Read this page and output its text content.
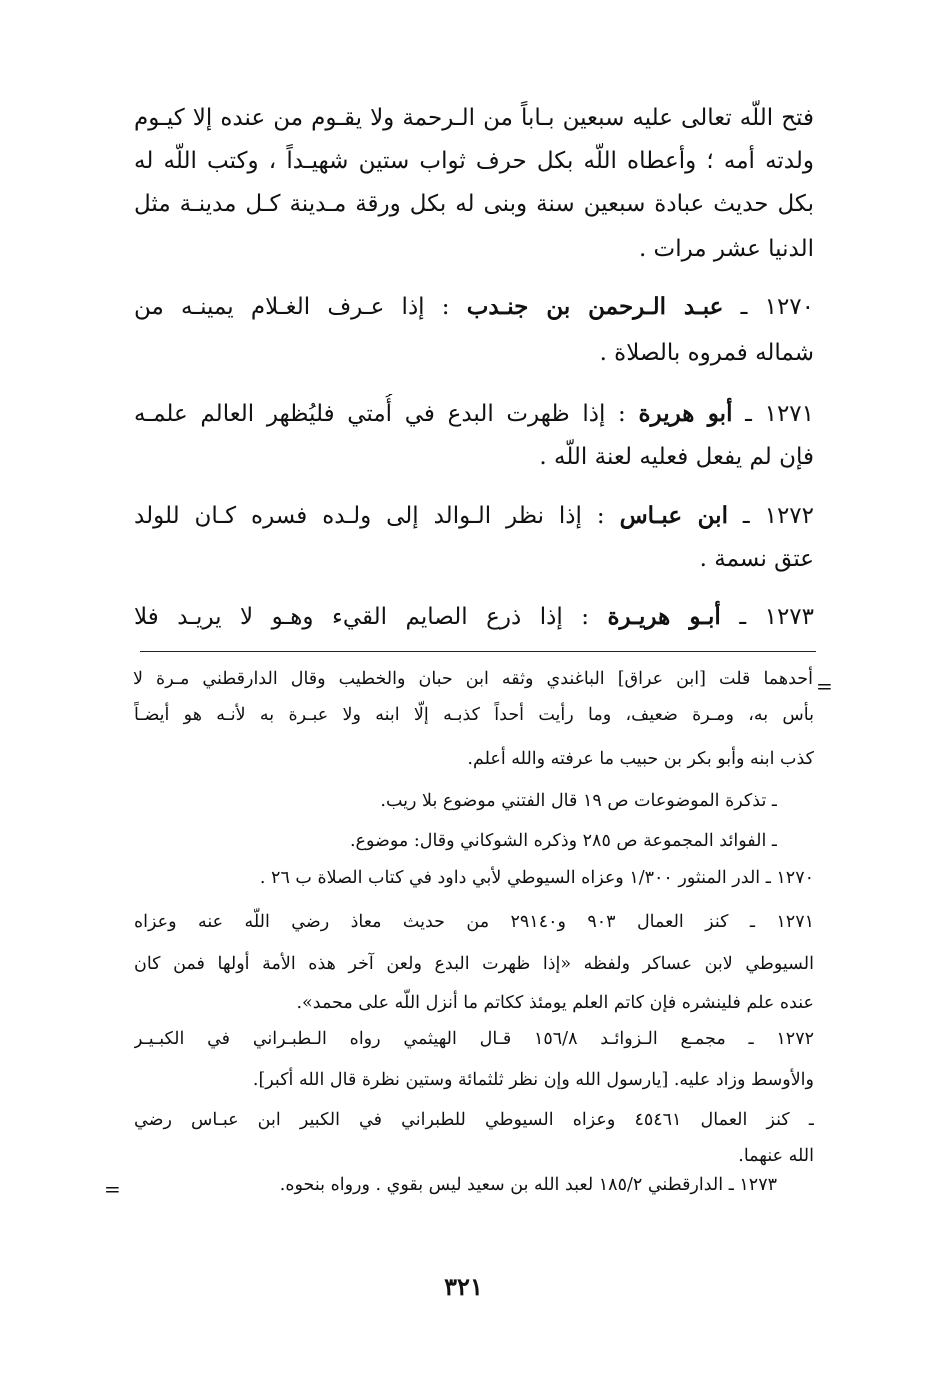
فتح اللّه تعالى عليه سبعين بـاباً من الـرحمة ولا يقـوم من عنده إلا كيـوم
ولدته أمه ؛ وأعطاه اللّه بكل حرف ثواب ستين شهيـداً ، وكتب اللّه له
بكل حديث عبادة سبعين سنة وبنى له بكل ورقة مـدينة كـل مدينـة مثل
الدنيا عشر مرات .
١٢٧٠ ـ عبـد الـرحمن بن جنـدب : إذا عـرف الغـلام يمينـه من
شماله فمروه بالصلاة .
١٢٧١ ـ أبو هريرة : إذا ظهرت البدع في أُمتي فليُظهر العالم علمـه
فإن لم يفعل فعليه لعنة اللّه .
١٢٧٢ ـ ابن عبـاس : إذا نظر الـوالد إلى ولـده فسره كـان للولد
عتق نسمة .
١٢٧٣ ـ أبـو هريـرة : إذا ذرع الصايم القيء وهـو لا يريـد فلا
=
أحدهما قلت [ابن عراق] الباغندي وثقه ابن حبان والخطيب وقال الدارقطني مـرة لا
بأس به، ومـرة ضعيف، وما رأيت أحداً كذبـه إلّا ابنه ولا عبـرة به لأنـه هو أيضـاً
كذب ابنه وأبو بكر بن حبيب ما عرفته والله أعلم.
ـ تذكرة الموضوعات ص ١٩ قال الفتني موضوع بلا ريب.
ـ الفوائد المجموعة ص ٢٨٥ وذكره الشوكاني وقال: موضوع.
١٢٧٠ ـ الدر المنثور ١/٣٠٠ وعزاه السيوطي لأبي داود في كتاب الصلاة ب ٢٦ .
١٢٧١ ـ كنز العمال ٩٠٣ و٢٩١٤٠ من حديث معاذ رضي اللّه عنه وعزاه
السيوطي لابن عساكر ولفظه «إذا ظهرت البدع ولعن آخر هذه الأمة أولها فمن كان
عنده علم فلينشره فإن كاتم العلم يومئذ ككاتم ما أنزل اللّه على محمد».
١٢٧٢ ـ مجمـع الـزوائـد ١٥٦/٨ قـال الهيثمي رواه الـطبـراني في الكبـيـر
والأوسط وزاد عليه. [يارسول الله وإن نظر ثلثمائة وستين نظرة قال الله أكبر].
ـ كنز العمال ٤٥٤٦١ وعزاه السيوطي للطبراني في الكبير ابن عبـاس رضي
الله عنهما.
١٢٧٣ ـ الدارقطني ١٨٥/٢ لعبد الله بن سعيد ليس بقوي . ورواه بنحوه.
=
٣٢١
